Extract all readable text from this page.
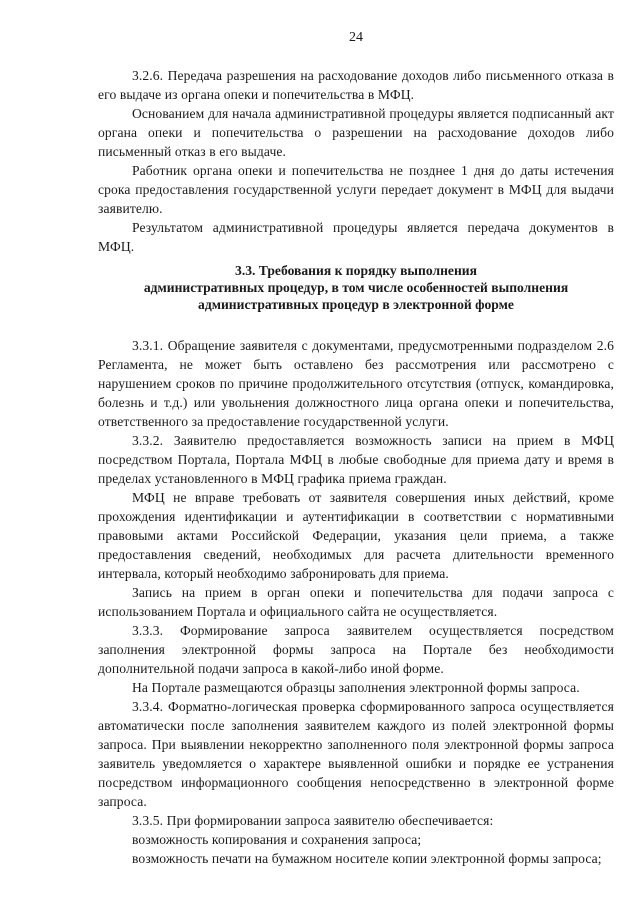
24

3.2.6. Передача разрешения на расходование доходов либо письменного отказа в его выдаче из органа опеки и попечительства в МФЦ.

Основанием для начала административной процедуры является подписанный акт органа опеки и попечительства о разрешении на расходование доходов либо письменный отказ в его выдаче.

Работник органа опеки и попечительства не позднее 1 дня до даты истечения срока предоставления государственной услуги передает документ в МФЦ для выдачи заявителю.

Результатом административной процедуры является передача документов в МФЦ.

3.3. Требования к порядку выполнения
административных процедур, в том числе особенностей выполнения
административных процедур в электронной форме

3.3.1. Обращение заявителя с документами, предусмотренными подразделом 2.6 Регламента, не может быть оставлено без рассмотрения или рассмотрено с нарушением сроков по причине продолжительного отсутствия (отпуск, командировка, болезнь и т.д.) или увольнения должностного лица органа опеки и попечительства, ответственного за предоставление государственной услуги.

3.3.2. Заявителю предоставляется возможность записи на прием в МФЦ посредством Портала, Портала МФЦ в любые свободные для приема дату и время в пределах установленного в МФЦ графика приема граждан.

МФЦ не вправе требовать от заявителя совершения иных действий, кроме прохождения идентификации и аутентификации в соответствии с нормативными правовыми актами Российской Федерации, указания цели приема, а также предоставления сведений, необходимых для расчета длительности временного интервала, который необходимо забронировать для приема.

Запись на прием в орган опеки и попечительства для подачи запроса с использованием Портала и официального сайта не осуществляется.

3.3.3. Формирование запроса заявителем осуществляется посредством заполнения электронной формы запроса на Портале без необходимости дополнительной подачи запроса в какой-либо иной форме.

На Портале размещаются образцы заполнения электронной формы запроса.

3.3.4. Форматно-логическая проверка сформированного запроса осуществляется автоматически после заполнения заявителем каждого из полей электронной формы запроса. При выявлении некорректно заполненного поля электронной формы запроса заявитель уведомляется о характере выявленной ошибки и порядке ее устранения посредством информационного сообщения непосредственно в электронной форме запроса.

3.3.5. При формировании запроса заявителю обеспечивается:

возможность копирования и сохранения запроса;

возможность печати на бумажном носителе копии электронной формы запроса;
